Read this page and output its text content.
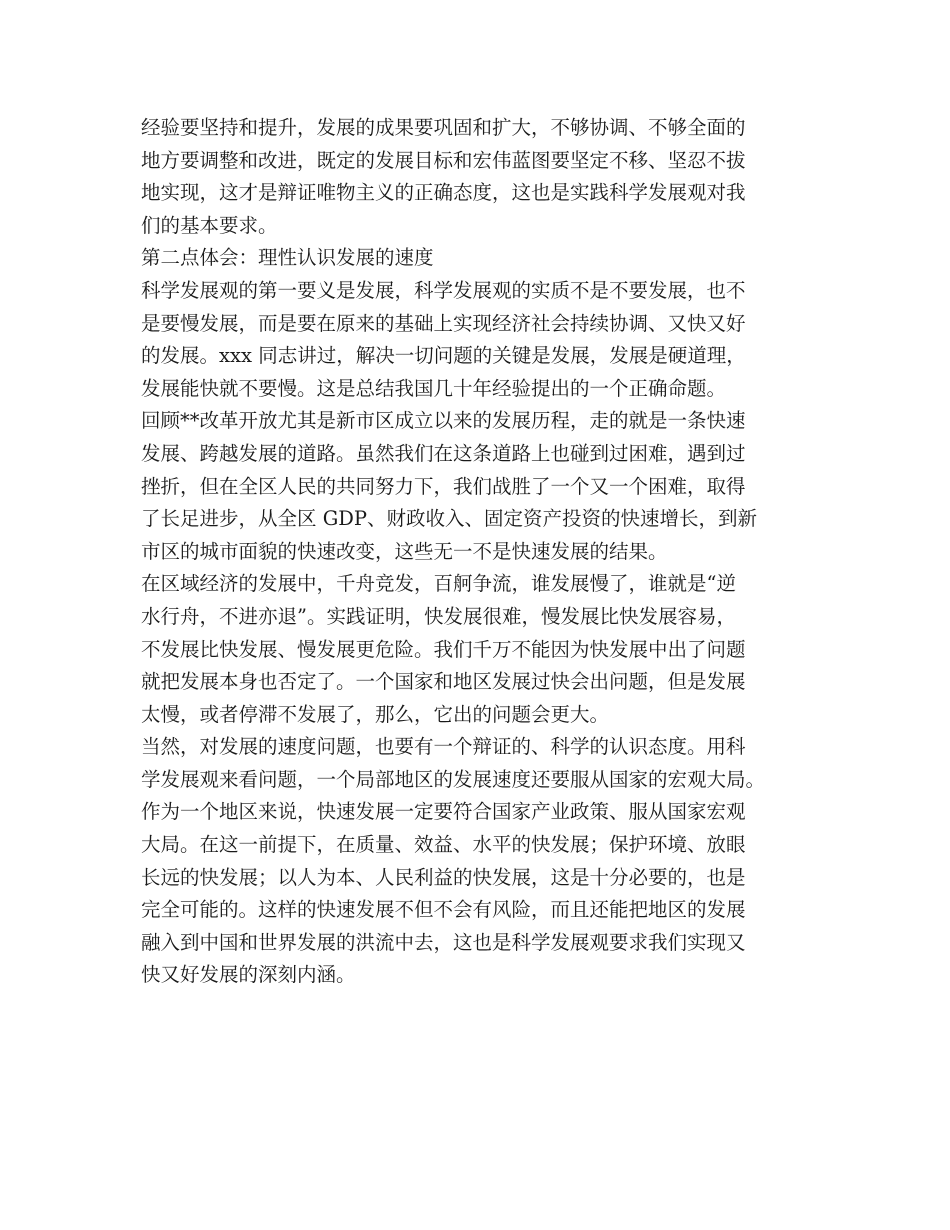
经验要坚持和提升，发展的成果要巩固和扩大，不够协调、不够全面的
地方要调整和改进，既定的发展目标和宏伟蓝图要坚定不移、坚忍不拔
地实现，这才是辩证唯物主义的正确态度，这也是实践科学发展观对我
们的基本要求。
第二点体会：理性认识发展的速度
科学发展观的第一要义是发展，科学发展观的实质不是不要发展，也不
是要慢发展，而是要在原来的基础上实现经济社会持续协调、又快又好
的发展。xxx 同志讲过，解决一切问题的关键是发展，发展是硬道理，
发展能快就不要慢。这是总结我国几十年经验提出的一个正确命题。
回顾**改革开放尤其是新市区成立以来的发展历程，走的就是一条快速
发展、跨越发展的道路。虽然我们在这条道路上也碰到过困难，遇到过
挫折，但在全区人民的共同努力下，我们战胜了一个又一个困难，取得
了长足进步，从全区 GDP、财政收入、固定资产投资的快速增长，到新
市区的城市面貌的快速改变，这些无一不是快速发展的结果。
在区域经济的发展中，千舟竞发，百舸争流，谁发展慢了，谁就是“逆
水行舟，不进亦退”。实践证明，快发展很难，慢发展比快发展容易，
不发展比快发展、慢发展更危险。我们千万不能因为快发展中出了问题
就把发展本身也否定了。一个国家和地区发展过快会出问题，但是发展
太慢，或者停滞不发展了，那么，它出的问题会更大。
当然，对发展的速度问题，也要有一个辩证的、科学的认识态度。用科
学发展观来看问题，一个局部地区的发展速度还要服从国家的宏观大局。
作为一个地区来说，快速发展一定要符合国家产业政策、服从国家宏观
大局。在这一前提下，在质量、效益、水平的快发展；保护环境、放眼
长远的快发展；以人为本、人民利益的快发展，这是十分必要的，也是
完全可能的。这样的快速发展不但不会有风险，而且还能把地区的发展
融入到中国和世界发展的洪流中去，这也是科学发展观要求我们实现又
快又好发展的深刻内涵。
